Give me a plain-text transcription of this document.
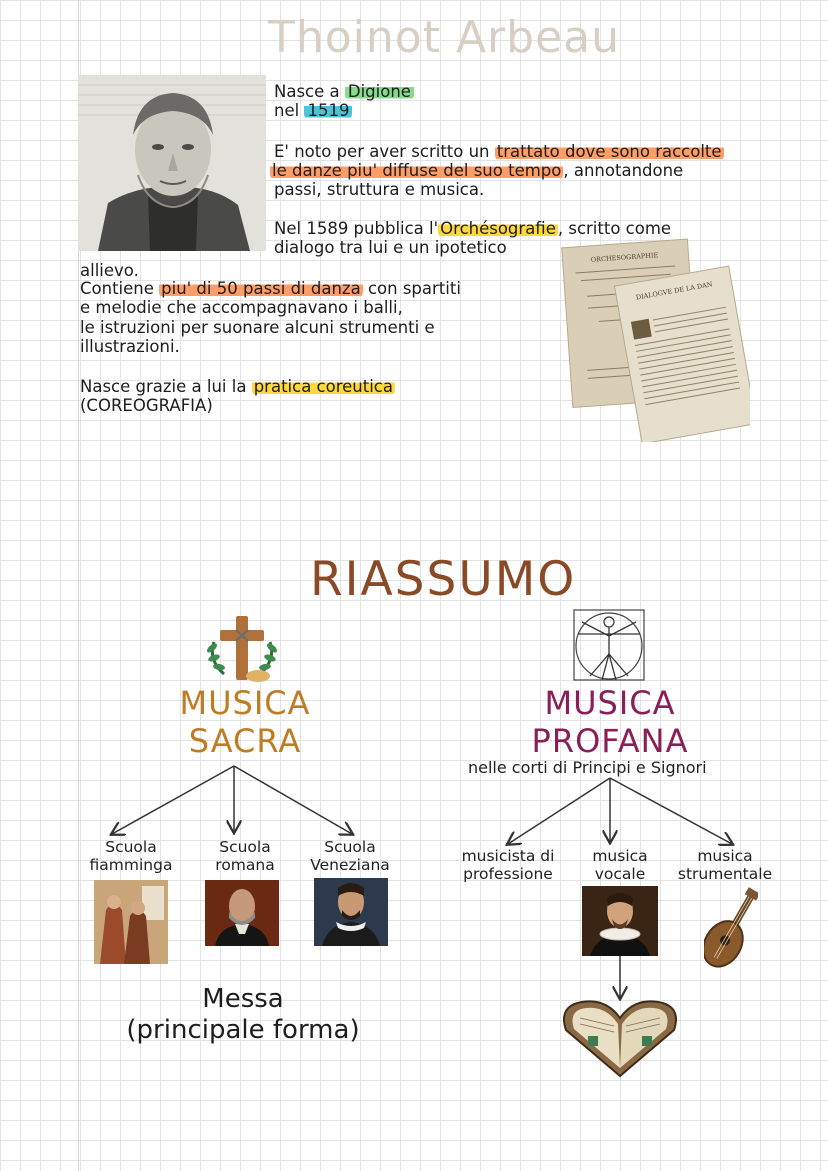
Thoinot Arbeau
Nasce a Digione
nel 1519
E' noto per aver scritto un trattato dove sono raccolte
le danze piu' diffuse del suo tempo , annotandone
passi, struttura e musica.
Nel 1589 pubblica l' Orchésografie , scritto come
dialogo tra lui e un ipotetico
allievo.
Contiene piu' di 50 passi di danza con spartiti
e melodie che accompagnavano i balli,
le istruzioni per suonare alcuni strumenti e
illustrazioni.
Nasce grazie a lui la pratica coreutica
(COREOGRAFIA)
ORCHESOGRAPHIE
DIALOGVE DE LA DAN
RIASSUMO
MUSICA
SACRA
MUSICA
PROFANA
nelle corti di Principi e Signori
Scuola
fiamminga
Scuola
romana
Scuola
Veneziana
Messa
(principale forma)
musicista di
professione
musica
vocale
musica
strumentale
